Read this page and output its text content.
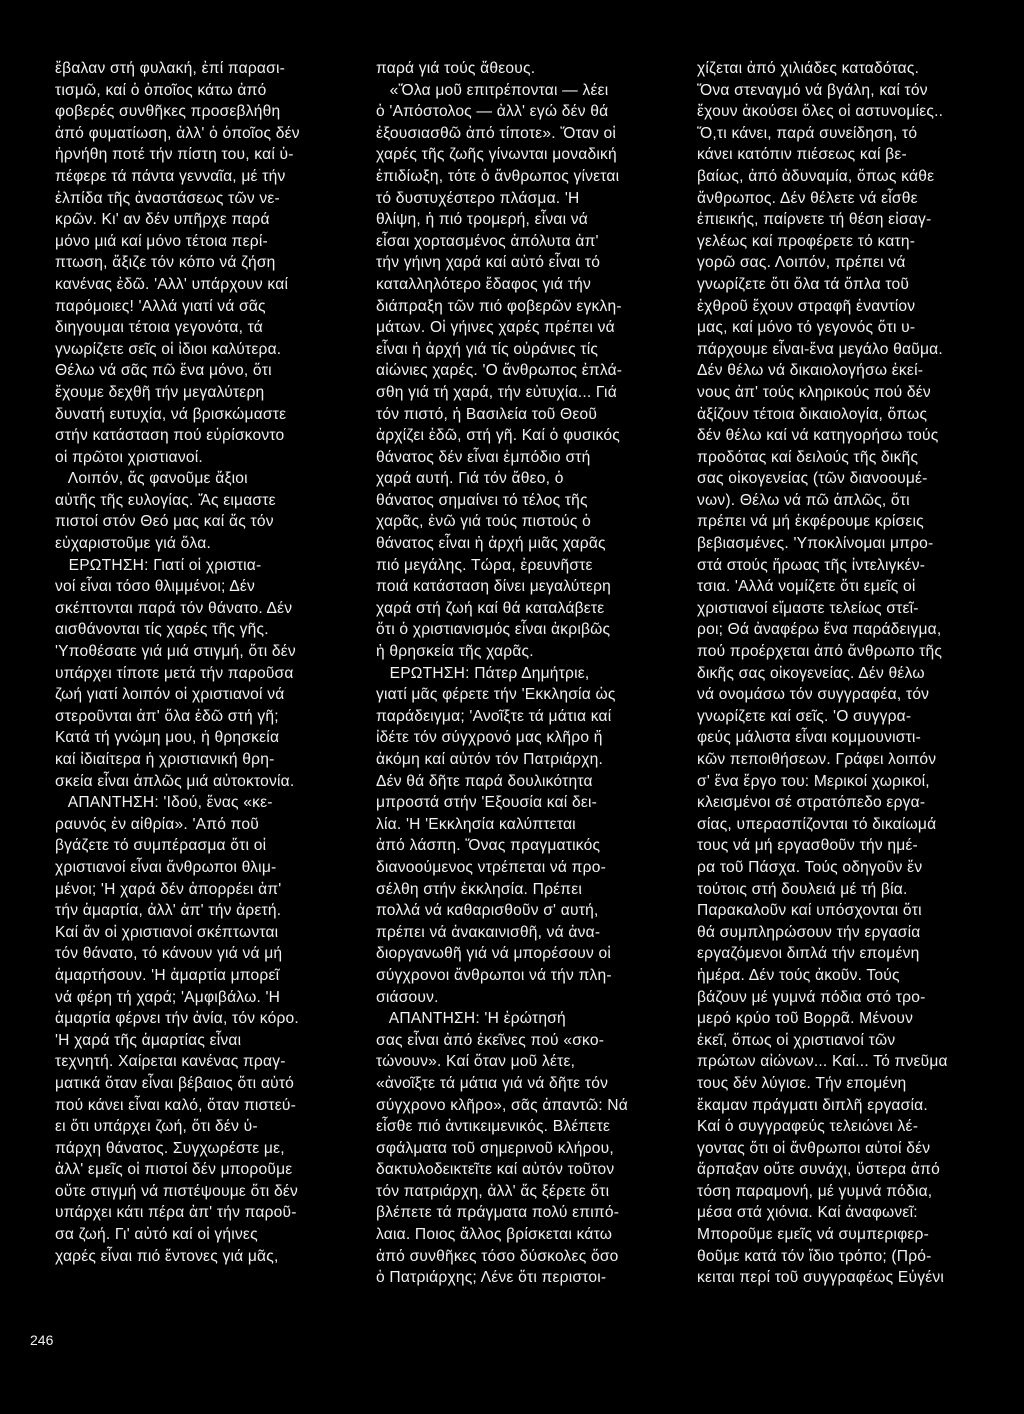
ἔβαλαν στή φυλακή, ἐπί παρασι-

τισμῶ, καί ὁ ὁποῖος κάτω ἀπό

φοβερές συνθῆκες προσεβλήθη

ἀπό φυματίωση, ἀλλ' ὁ ὁποῖος δέν

ἠρνήθη ποτέ τήν πίστη του, καί ὑ-

πέφερε τά πάντα γενναῖα, μέ τήν

ἐλπίδα τῆς ἀναστάσεως τῶν νε-

κρῶν. Κι' αν δέν υπῆρχε παρά

μόνο μιά καί μόνο τέτοια περί-

πτωση, ἄξιζε τόν κόπο νά ζήση

κανένας ἐδῶ. 'Αλλ' υπάρχουν καί

παρόμοιες! 'Αλλά γιατί νά σᾶς

διηγουμαι τέτοια γεγονότα, τά

γνωρίζετε σεῖς οἱ ἰδιοι καλύτερα.

Θέλω νά σᾶς πῶ ἕνα μόνο, ὅτι

ἔχουμε δεχθῆ τήν μεγαλύτερη

δυνατή ευτυχία, νά βρισκώμαστε

στήν κατάσταση πού εὑρίσκοντο

οἱ πρῶτοι χριστιανοί.

Λοιπόν, ἄς φανοῦμε ἄξιοι

αὐτῆς τῆς ευλογίας. Ἄς ειμαστε

πιστοί στόν Θεό μας καί ἄς τόν

εὐχαριστοῦμε γιά ὅλα.

ΕΡΩΤΗΣΗ: Γιατί οἱ χριστια-

νοί εἶναι τόσο θλιμμένοι; Δέν

σκέπτονται παρά τόν θάνατο. Δέν

αισθάνονται τίς χαρές τῆς γῆς.

'Υποθέσατε γιά μιά στιγμή, ὅτι δέν

υπάρχει τίποτε μετά τήν παροῦσα

ζωή γιατί λοιπόν οἱ χριστιανοί νά

στεροῦνται ἀπ' ὅλα ἐδῶ στή γῆ;

Κατά τή γνώμη μου, ἡ θρησκεία

καί ἰδιαίτερα ἡ χριστιανική θρη-

σκεία εἶναι ἁπλῶς μιά αὐτοκτονία.

ΑΠΑΝΤΗΣΗ: 'Ιδού, ἕνας «κε-

ραυνός ἐν αἰθρία». 'Από ποῦ

βγάζετε τό συμπέρασμα ὅτι οἱ

χριστιανοί εἶναι ἄνθρωποι θλιμ-

μένοι; 'Η χαρά δέν ἀπορρέει ἀπ'

τήν ἁμαρτία, ἀλλ' ἀπ' τήν ἀρετή.

Καί ἄν οἱ χριστιανοί σκέπτωνται

τόν θάνατο, τό κάνουν γιά νά μή

ἁμαρτήσουν. 'Η ἁμαρτία μπορεῖ

νά φέρη τή χαρά; 'Αμφιβάλω. 'Η

ἁμαρτία φέρνει τήν ἀνία, τόν κόρο.

'Η χαρά τῆς ἁμαρτίας εἶναι

τεχνητή. Χαίρεται κανένας πραγ-

ματικά ὅταν εἶναι βέβαιος ὅτι αὐτό

πού κάνει εἶναι καλό, ὅταν πιστεύ-

ει ὅτι υπάρχει ζωή, ὅτι δέν ὑ-

πάρχη θάνατος. Συγχωρέστε με,

ἀλλ' εμεῖς οἱ πιστοί δέν μποροῦμε

οὔτε στιγμή νά πιστέψουμε ὅτι δέν

υπάρχει κάτι πέρα ἀπ' τήν παροῦ-

σα ζωή. Γι' αὐτό καί οἱ γήινες

χαρές εἶναι πιό ἔντονες γιά μᾶς,

παρά γιά τούς ἄθεους.

«Ὅλα μοῦ επιτρέπονται — λέει

ὁ 'Απόστολος — ἀλλ' εγώ δέν θά

ἐξουσιασθῶ ἀπό τίποτε». Ὅταν οἱ

χαρές τῆς ζωῆς γίνωνται μοναδική

ἐπιδίωξη, τότε ὁ ἄνθρωπος γίνεται

τό δυστυχέστερο πλάσμα. 'Η

θλίψη, ἡ πιό τρομερή, εἶναι νά

εἶσαι χορτασμένος ἀπόλυτα ἀπ'

τήν γήινη χαρά καί αὐτό εἶναι τό

καταλληλότερο ἔδαφος γιά τήν

διάπραξη τῶν πιό φοβερῶν εγκλη-

μάτων. Οἱ γήινες χαρές πρέπει νά

εἶναι ἡ ἀρχή γιά τίς οὐράνιες τίς

αἰώνιες χαρές. 'Ο ἄνθρωπος ἐπλά-

σθη γιά τή χαρά, τήν εὐτυχία... Γιά

τόν πιστό, ἡ Βασιλεία τοῦ Θεοῦ

ἀρχίζει ἐδῶ, στή γῆ. Καί ὁ φυσικός

θάνατος δέν εἶναι ἐμπόδιο στή

χαρά αυτή. Γιά τόν ἄθεο, ὁ

θάνατος σημαίνει τό τέλος τῆς

χαρᾶς, ἐνῶ γιά τούς πιστούς ὁ

θάνατος εἶναι ἡ ἀρχή μιᾶς χαρᾶς

πιό μεγάλης. Τώρα, ἐρευνῆστε

ποιά κατάσταση δίνει μεγαλύτερη

χαρά στή ζωή καί θά καταλάβετε

ὅτι ὁ χριστιανισμός εἶναι ἀκριβῶς

ἡ θρησκεία τῆς χαρᾶς.

ΕΡΩΤΗΣΗ: Πάτερ Δημήτριε,

γιατί μᾶς φέρετε τήν 'Εκκλησία ὡς

παράδειγμα; 'Ανοῖξτε τά μάτια καί

ἰδέτε τόν σύγχρονό μας κλῆρο ἤ

ἀκόμη καί αὐτόν τόν Πατριάρχη.

Δέν θά δῆτε παρά δουλικότητα

μπροστά στήν 'Εξουσία καί δει-

λία. 'Η 'Εκκλησία καλύπτεται

ἀπό λάσπη. Ὅνας πραγματικός

διανοούμενος ντρέπεται νά προ-

σέλθη στήν ἐκκλησία. Πρέπει

πολλά νά καθαρισθοῦν σ' αυτή,

πρέπει νά ἀνακαινισθῆ, νά ἀνα-

διοργανωθῆ γιά νά μπορέσουν οἱ

σύγχρονοι ἄνθρωποι νά τήν πλη-

σιάσουν.

ΑΠΑΝΤΗΣΗ: 'Η ἐρώτησή

σας εἶναι ἀπό ἐκεῖνες πού «σκο-

τώνουν». Καί ὅταν μοῦ λέτε,

«ἀνοῖξτε τά μάτια γιά νά δῆτε τόν

σύγχρονο κλῆρο», σᾶς ἀπαντῶ: Νά

εἶσθε πιό ἀντικειμενικός. Βλέπετε

σφάλματα τοῦ σημερινοῦ κλήρου,

δακτυλοδεικτεῖτε καί αὐτόν τοῦτον

τόν πατριάρχη, ἀλλ' ἄς ξέρετε ὅτι

βλέπετε τά πράγματα πολύ επιπό-

λαια. Ποιος ἄλλος βρίσκεται κάτω

ἀπό συνθῆκες τόσο δύσκολες ὅσο

ὁ Πατριάρχης; Λένε ὅτι περιστοι-

χίζεται ἀπό χιλιάδες καταδότας.

Ὅνα στεναγμό νά βγάλη, καί τόν

ἔχουν ἀκούσει ὅλες οἱ αστυνομίες..

Ὅ,τι κάνει, παρά συνείδηση, τό

κάνει κατόπιν πιέσεως καί βε-

βαίως, ἀπό ἀδυναμία, ὅπως κάθε

ἄνθρωπος. Δέν θέλετε νά εἶσθε

ἐπιεικής, παίρνετε τή θέση εἰσαγ-

γελέως καί προφέρετε τό κατη-

γορῶ σας. Λοιπόν, πρέπει νά

γνωρίζετε ὅτι ὅλα τά ὅπλα τοῦ

ἐχθροῦ ἔχουν στραφῆ ἐναντίον

μας, καί μόνο τό γεγονός ὅτι υ-

πάρχουμε εἶναι-ἕνα μεγάλο θαῦμα.

Δέν θέλω νά δικαιολογήσω ἐκεί-

νους ἀπ' τούς κληρικούς πού δέν

ἀξίζουν τέτοια δικαιολογία, ὅπως

δέν θέλω καί νά κατηγορήσω τούς

προδότας καί δειλούς τῆς δικῆς

σας οἰκογενείας (τῶν διανοουμέ-

νων). Θέλω νά πῶ ἁπλῶς, ὅτι

πρέπει νά μή ἐκφέρουμε κρίσεις

βεβιασμένες. 'Υποκλίνομαι μπρο-

στά στούς ἥρωας τῆς ἰντελιγκέν-

τσια. 'Αλλά νομίζετε ὅτι εμεῖς οἱ

χριστιανοί εἴμαστε τελείως στεῖ-

ροι; Θά ἀναφέρω ἕνα παράδειγμα,

πού προέρχεται ἀπό ἄνθρωπο τῆς

δικῆς σας οἰκογενείας. Δέν θέλω

νά ονομάσω τόν συγγραφέα, τόν

γνωρίζετε καί σεῖς. 'Ο συγγρα-

φεύς μάλιστα εἶναι κομμουνιστι-

κῶν πεποιθήσεων. Γράφει λοιπόν

σ' ἕνα ἔργο του: Μερικοί χωρικοί,

κλεισμένοι σέ στρατόπεδο εργα-

σίας, υπερασπίζονται τό δικαίωμά

τους νά μή εργασθοῦν τήν ημέ-

ρα τοῦ Πάσχα. Τούς οδηγοῦν ἔν

τούτοις στή δουλειά μέ τή βία.

Παρακαλοῦν καί υπόσχονται ὅτι

θά συμπληρώσουν τήν εργασία

εργαζόμενοι διπλά τήν επομένη

ἡμέρα. Δέν τούς ἀκοῦν. Τούς

βάζουν μέ γυμνά πόδια στό τρο-

μερό κρύο τοῦ Βορρᾶ. Μένουν

ἐκεῖ, ὅπως οἱ χριστιανοί τῶν

πρώτων αἰώνων... Καί... Τό πνεῦμα

τους δέν λύγισε. Τήν επομένη

ἔκαμαν πράγματι διπλῆ εργασία.

Καί ὁ συγγραφεύς τελειώνει λέ-

γοντας ὅτι οἱ ἄνθρωποι αὐτοί δέν

ἅρπαξαν οὔτε συνάχι, ὕστερα ἀπό

τόση παραμονή, μέ γυμνά πόδια,

μέσα στά χιόνια. Καί ἀναφωνεῖ:

Μποροῦμε εμεῖς νά συμπεριφερ-

θοῦμε κατά τόν ἴδιο τρόπο; (Πρό-

κειται περί τοῦ συγγραφέως Εὐγένι

246
